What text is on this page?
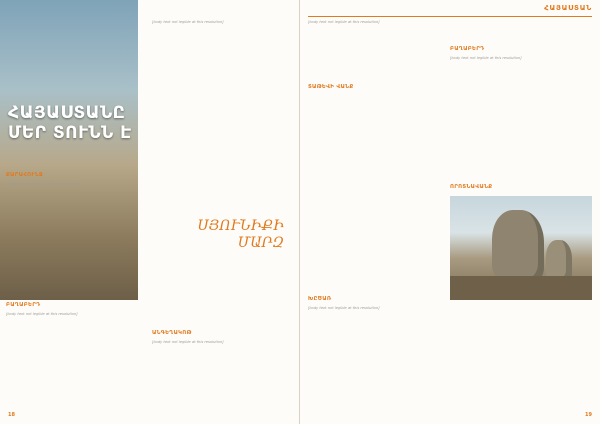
ՀԱՅԱՍՏԱՆԸ ՄԵՐ ՏՈՒՆՆ Է
ՍՅՈՒՆԻՔԻ ՄԱՐԶ
ՔԱՐԱՀՈՒՆՋ
[body text not legible at this resolution]
ԲԱՂԱԲԵՐԴ
[body text not legible at this resolution]
ԱՆԳԵՂԱԿՈԹ
[body text not legible at this resolution]
[body text not legible at this resolution]
18
ՀԱՅԱՍՏԱՆ
ԲԱՂԱԲԵՐԴ
[body text not legible at this resolution]
ՏԱԹԵՎԻ ՎԱՆՔ
[body text not legible at this resolution]
ՈՐՈՏՆԱՎԱՆՔ
ԽԸԾԱՌ
[body text not legible at this resolution]
19
